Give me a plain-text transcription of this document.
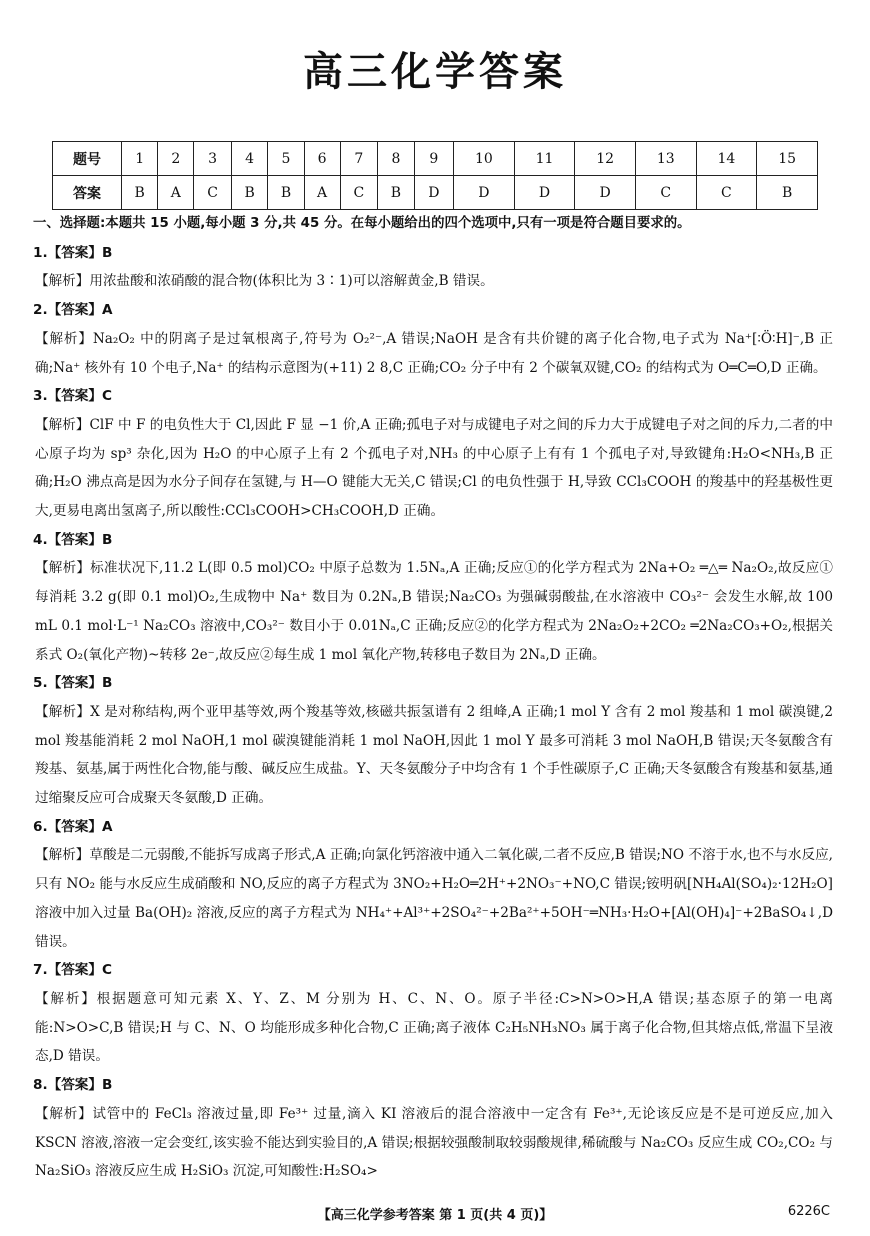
高三化学答案
题号	1	2	3	4	5	6	7	8	9	10	11	12	13	14	15
答案	B	A	C	B	B	A	C	B	D	D	D	D	C	C	B

一、选择题:本题共 15 小题,每小题 3 分,共 45 分。在每小题给出的四个选项中,只有一项是符合题目要求的。

1.【答案】B

【解析】用浓盐酸和浓硝酸的混合物(体积比为 3∶1)可以溶解黄金,B 错误。

2.【答案】A

【解析】Na₂O₂ 中的阴离子是过氧根离子,符号为 O₂²⁻,A 错误;NaOH 是含有共价键的离子化合物,电子式为 Na⁺[∶Ö∶H]⁻,B 正确;Na⁺ 核外有 10 个电子,Na⁺ 的结构示意图为(+11) 2 8,C 正确;CO₂ 分子中有 2 个碳氧双键,CO₂ 的结构式为 O═C═O,D 正确。

3.【答案】C

【解析】ClF 中 F 的电负性大于 Cl,因此 F 显 −1 价,A 正确;孤电子对与成键电子对之间的斥力大于成键电子对之间的斥力,二者的中心原子均为 sp³ 杂化,因为 H₂O 的中心原子上有 2 个孤电子对,NH₃ 的中心原子上有有 1 个孤电子对,导致键角:H₂O<NH₃,B 正确;H₂O 沸点高是因为水分子间存在氢键,与 H—O 键能大无关,C 错误;Cl 的电负性强于 H,导致 CCl₃COOH 的羧基中的羟基极性更大,更易电离出氢离子,所以酸性:CCl₃COOH>CH₃COOH,D 正确。

4.【答案】B

【解析】标准状况下,11.2 L(即 0.5 mol)CO₂ 中原子总数为 1.5Nₐ,A 正确;反应①的化学方程式为 2Na+O₂ ═△═ Na₂O₂,故反应①每消耗 3.2 g(即 0.1 mol)O₂,生成物中 Na⁺ 数目为 0.2Nₐ,B 错误;Na₂CO₃ 为强碱弱酸盐,在水溶液中 CO₃²⁻ 会发生水解,故 100 mL 0.1 mol·L⁻¹ Na₂CO₃ 溶液中,CO₃²⁻ 数目小于 0.01Nₐ,C 正确;反应②的化学方程式为 2Na₂O₂+2CO₂ ═2Na₂CO₃+O₂,根据关系式 O₂(氧化产物)~转移 2e⁻,故反应②每生成 1 mol 氧化产物,转移电子数目为 2Nₐ,D 正确。

5.【答案】B

【解析】X 是对称结构,两个亚甲基等效,两个羧基等效,核磁共振氢谱有 2 组峰,A 正确;1 mol Y 含有 2 mol 羧基和 1 mol 碳溴键,2 mol 羧基能消耗 2 mol NaOH,1 mol 碳溴键能消耗 1 mol NaOH,因此 1 mol Y 最多可消耗 3 mol NaOH,B 错误;天冬氨酸含有羧基、氨基,属于两性化合物,能与酸、碱反应生成盐。Y、天冬氨酸分子中均含有 1 个手性碳原子,C 正确;天冬氨酸含有羧基和氨基,通过缩聚反应可合成聚天冬氨酸,D 正确。

6.【答案】A

【解析】草酸是二元弱酸,不能拆写成离子形式,A 正确;向氯化钙溶液中通入二氧化碳,二者不反应,B 错误;NO 不溶于水,也不与水反应,只有 NO₂ 能与水反应生成硝酸和 NO,反应的离子方程式为 3NO₂+H₂O═2H⁺+2NO₃⁻+NO,C 错误;铵明矾[NH₄Al(SO₄)₂·12H₂O]溶液中加入过量 Ba(OH)₂ 溶液,反应的离子方程式为 NH₄⁺+Al³⁺+2SO₄²⁻+2Ba²⁺+5OH⁻═NH₃·H₂O+[Al(OH)₄]⁻+2BaSO₄↓,D 错误。

7.【答案】C

【解析】根据题意可知元素 X、Y、Z、M 分别为 H、C、N、O。原子半径:C>N>O>H,A 错误;基态原子的第一电离能:N>O>C,B 错误;H 与 C、N、O 均能形成多种化合物,C 正确;离子液体 C₂H₅NH₃NO₃ 属于离子化合物,但其熔点低,常温下呈液态,D 错误。

8.【答案】B

【解析】试管中的 FeCl₃ 溶液过量,即 Fe³⁺ 过量,滴入 KI 溶液后的混合溶液中一定含有 Fe³⁺,无论该反应是不是可逆反应,加入 KSCN 溶液,溶液一定会变红,该实验不能达到实验目的,A 错误;根据较强酸制取较弱酸规律,稀硫酸与 Na₂CO₃ 反应生成 CO₂,CO₂ 与 Na₂SiO₃ 溶液反应生成 H₂SiO₃ 沉淀,可知酸性:H₂SO₄>

【高三化学参考答案 第 1 页(共 4 页)】	6226C
